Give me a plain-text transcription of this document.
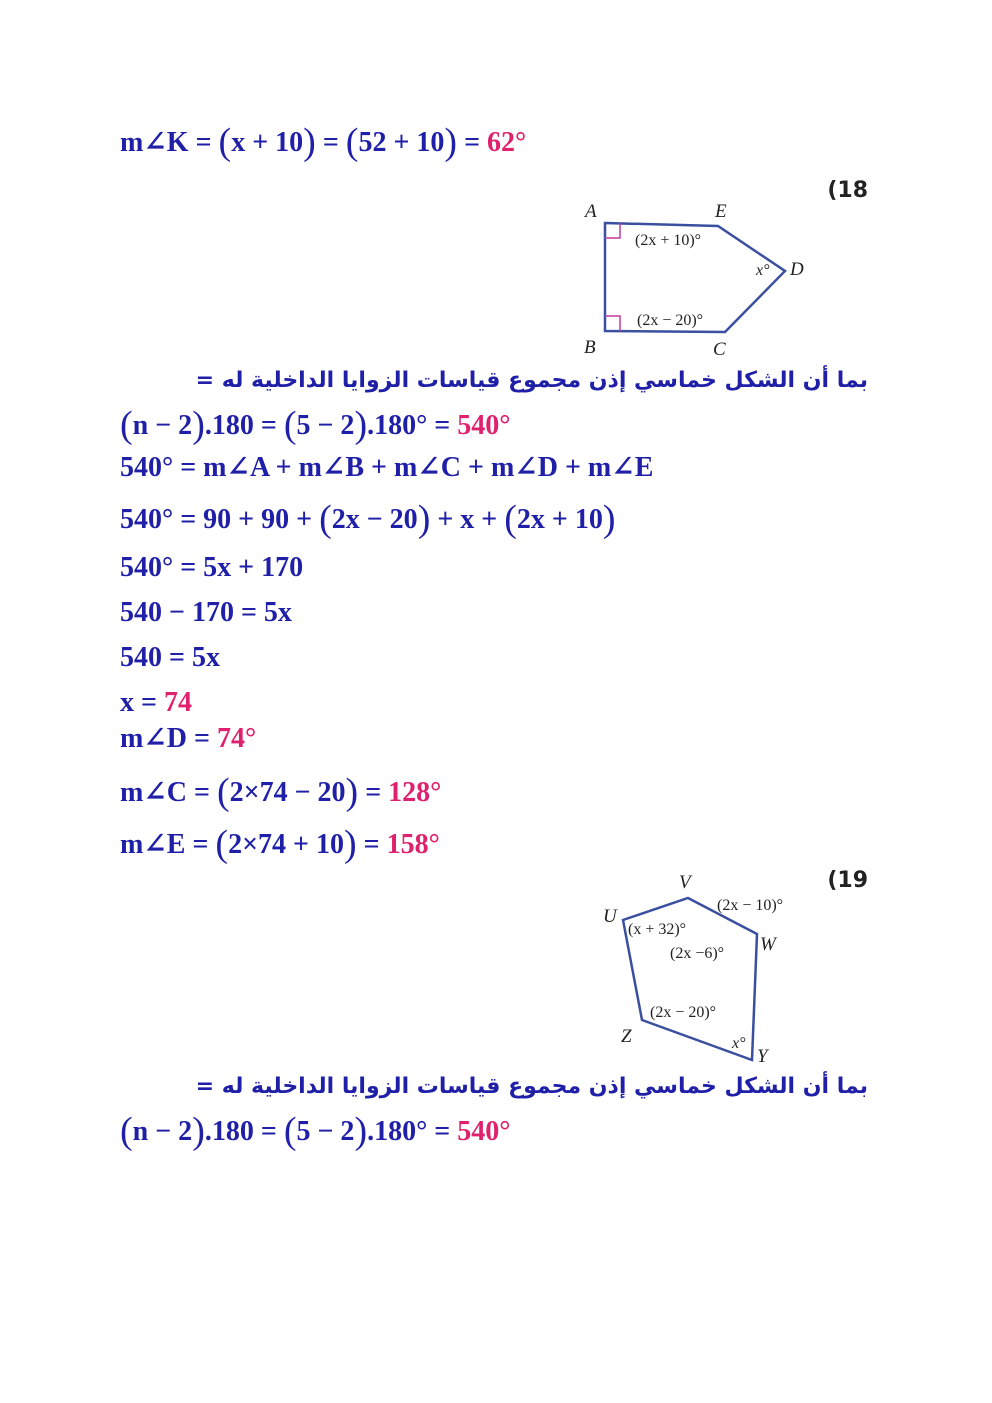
m∠K = (x + 10) = (52 + 10) = 62°

(18

A	E
D
C
B
(2x + 10)°
x°
(2x − 20)°

بما أن الشكل خماسي إذن مجموع قياسات الزوايا الداخلية له =

(n − 2).180 = (5 − 2).180° = 540°

540° = m∠A + m∠B + m∠C + m∠D + m∠E

540° = 90 + 90 + (2x − 20) + x + (2x + 10)

540° = 5x + 170

540 − 170 = 5x

540 = 5x

x = 74

m∠D = 74°

m∠C = (2×74 − 20) = 128°

m∠E = (2×74 + 10) = 158°

(19

V
U
W
Z
Y
(2x − 10)°
(x + 32)°
(2x −6)°
(2x − 20)°
x°

بما أن الشكل خماسي إذن مجموع قياسات الزوايا الداخلية له =

(n − 2).180 = (5 − 2).180° = 540°
